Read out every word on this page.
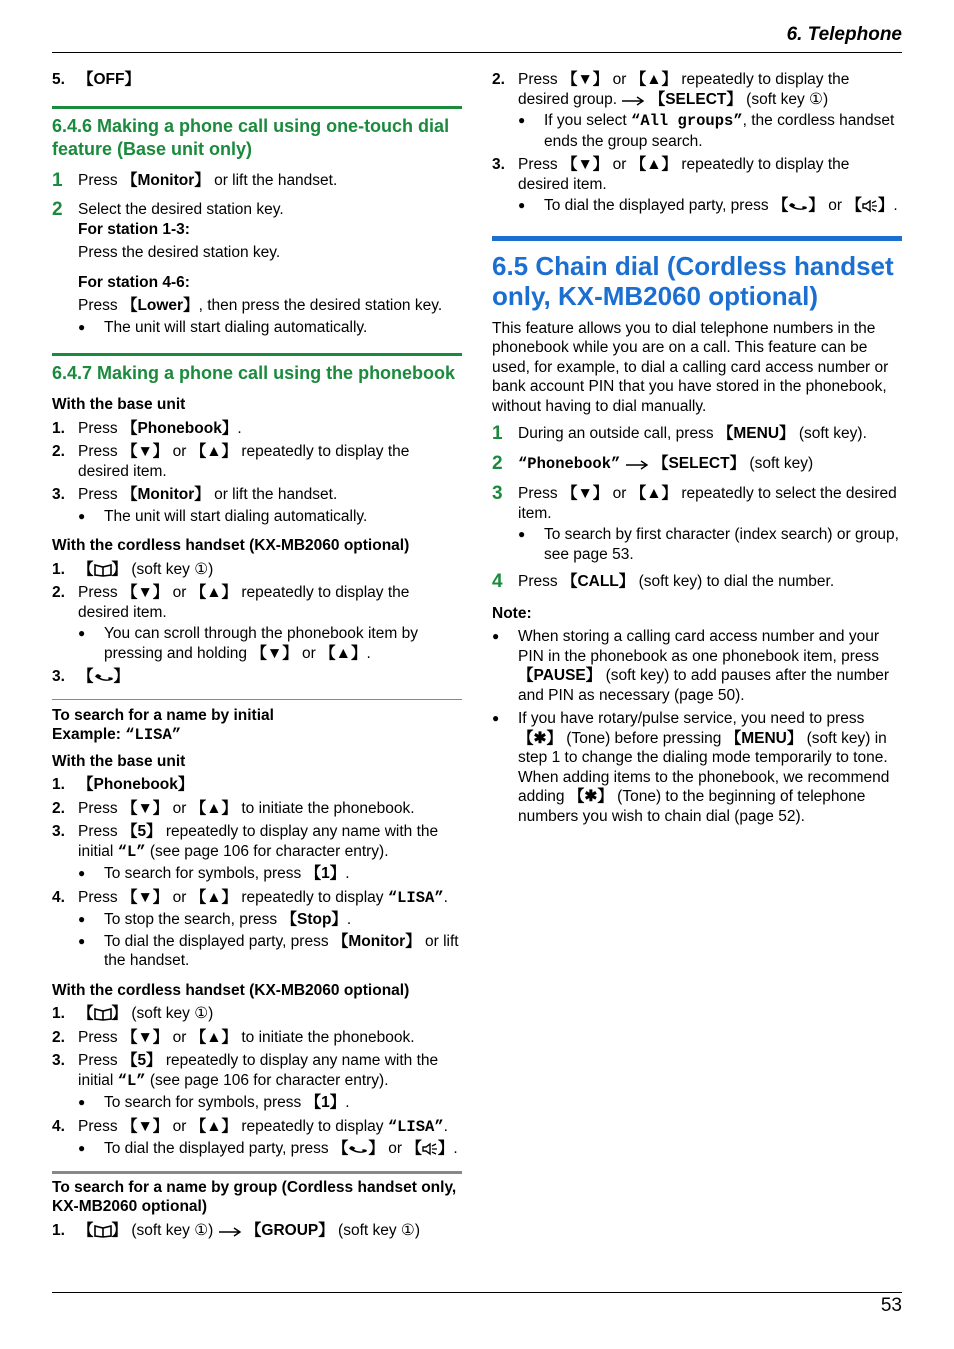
6. Telephone
5. 【OFF】
6.4.6 Making a phone call using one-touch dial feature (Base unit only)
1 Press 【Monitor】 or lift the handset.
2 Select the desired station key.
For station 1-3:
Press the desired station key.
For station 4-6:
Press 【Lower】, then press the desired station key.
●
The unit will start dialing automatically.
6.4.7 Making a phone call using the phonebook
With the base unit
1. Press 【Phonebook】.
2. Press 【▼】 or 【▲】 repeatedly to display the desired item.
3. Press 【Monitor】 or lift the handset.
●
The unit will start dialing automatically.
With the cordless handset (KX-MB2060 optional)
1. 【 】 (soft key ①)
2. Press 【▼】 or 【▲】 repeatedly to display the desired item.
●
You can scroll through the phonebook item by pressing and holding 【▼】 or 【▲】.
3. 【 】
To search for a name by initial
Example: “LISA”
With the base unit
1. 【Phonebook】
2. Press 【▼】 or 【▲】 to initiate the phonebook.
3. Press 【5】 repeatedly to display any name with the initial “L” (see page 106 for character entry).
●
To search for symbols, press 【1】.
4. Press 【▼】 or 【▲】 repeatedly to display “LISA”.
●
To stop the search, press 【Stop】.
●
To dial the displayed party, press 【Monitor】 or lift the handset.
With the cordless handset (KX-MB2060 optional)
1. 【 】 (soft key ①)
2. Press 【▼】 or 【▲】 to initiate the phonebook.
3. Press 【5】 repeatedly to display any name with the initial “L” (see page 106 for character entry).
●
To search for symbols, press 【1】.
4. Press 【▼】 or 【▲】 repeatedly to display “LISA”.
●
To dial the displayed party, press 【 】 or 【 】.
To search for a name by group (Cordless handset only, KX-MB2060 optional)
1. 【 】 (soft key ①)  【GROUP】 (soft key ①)
2. Press 【▼】 or 【▲】 repeatedly to display the desired group.  【SELECT】 (soft key ①)
●
If you select “All groups”, the cordless handset ends the group search.
3. Press 【▼】 or 【▲】 repeatedly to display the desired item.
●
To dial the displayed party, press 【 】 or 【 】.
6.5 Chain dial (Cordless handset only, KX-MB2060 optional)
This feature allows you to dial telephone numbers in the phonebook while you are on a call. This feature can be used, for example, to dial a calling card access number or bank account PIN that you have stored in the phonebook, without having to dial manually.
1 During an outside call, press 【MENU】 (soft key).
2 “Phonebook” 【SELECT】 (soft key)
3 Press 【▼】 or 【▲】 repeatedly to select the desired item.
●
To search by first character (index search) or group, see page 53.
4 Press 【CALL】 (soft key) to dial the number.
Note:
●
When storing a calling card access number and your PIN in the phonebook as one phonebook item, press 【PAUSE】 (soft key) to add pauses after the number and PIN as necessary (page 50).
●
If you have rotary/pulse service, you need to press 【✱】 (Tone) before pressing 【MENU】 (soft key) in step 1 to change the dialing mode temporarily to tone. When adding items to the phonebook, we recommend adding 【✱】 (Tone) to the beginning of telephone numbers you wish to chain dial (page 52).
53
